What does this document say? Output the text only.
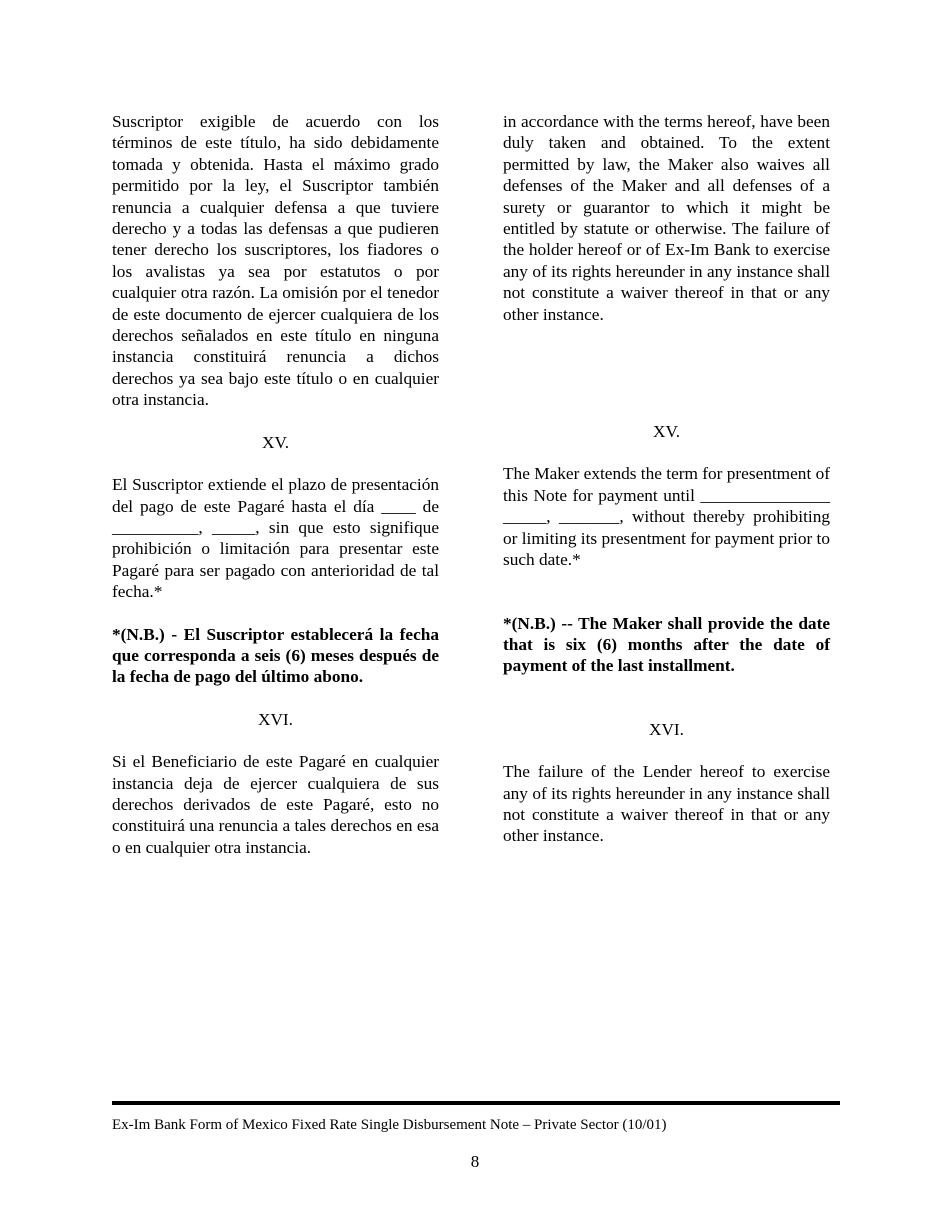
Suscriptor exigible de acuerdo con los términos de este título, ha sido debidamente tomada y obtenida. Hasta el máximo grado permitido por la ley, el Suscriptor también renuncia a cualquier defensa a que tuviere derecho y a todas las defensas a que pudieren tener derecho los suscriptores, los fiadores o los avalistas ya sea por estatutos o por cualquier otra razón. La omisión por el tenedor de este documento de ejercer cualquiera de los derechos señalados en este título en ninguna instancia constituirá renuncia a dichos derechos ya sea bajo este título o en cualquier otra instancia.

XV.

El Suscriptor extiende el plazo de presentación del pago de este Pagaré hasta el día ____ de __________, _____, sin que esto signifique prohibición o limitación para presentar este Pagaré para ser pagado con anterioridad de tal fecha.*

*(N.B.) - El Suscriptor establecerá la fecha que corresponda a seis (6) meses después de la fecha de pago del último abono.

XVI.

Si el Beneficiario de este Pagaré en cualquier instancia deja de ejercer cualquiera de sus derechos derivados de este Pagaré, esto no constituirá una renuncia a tales derechos en esa o en cualquier otra instancia.

in accordance with the terms hereof, have been duly taken and obtained. To the extent permitted by law, the Maker also waives all defenses of the Maker and all defenses of a surety or guarantor to which it might be entitled by statute or otherwise. The failure of the holder hereof or of Ex-Im Bank to exercise any of its rights hereunder in any instance shall not constitute a waiver thereof in that or any other instance.

XV.

The Maker extends the term for presentment of this Note for payment until _______________ _____, _______, without thereby prohibiting or limiting its presentment for payment prior to such date.*

*(N.B.) -- The Maker shall provide the date that is six (6) months after the date of payment of the last installment.

XVI.

The failure of the Lender hereof to exercise any of its rights hereunder in any instance shall not constitute a waiver thereof in that or any other instance.

Ex-Im Bank Form of Mexico Fixed Rate Single Disbursement Note – Private Sector (10/01)
8
